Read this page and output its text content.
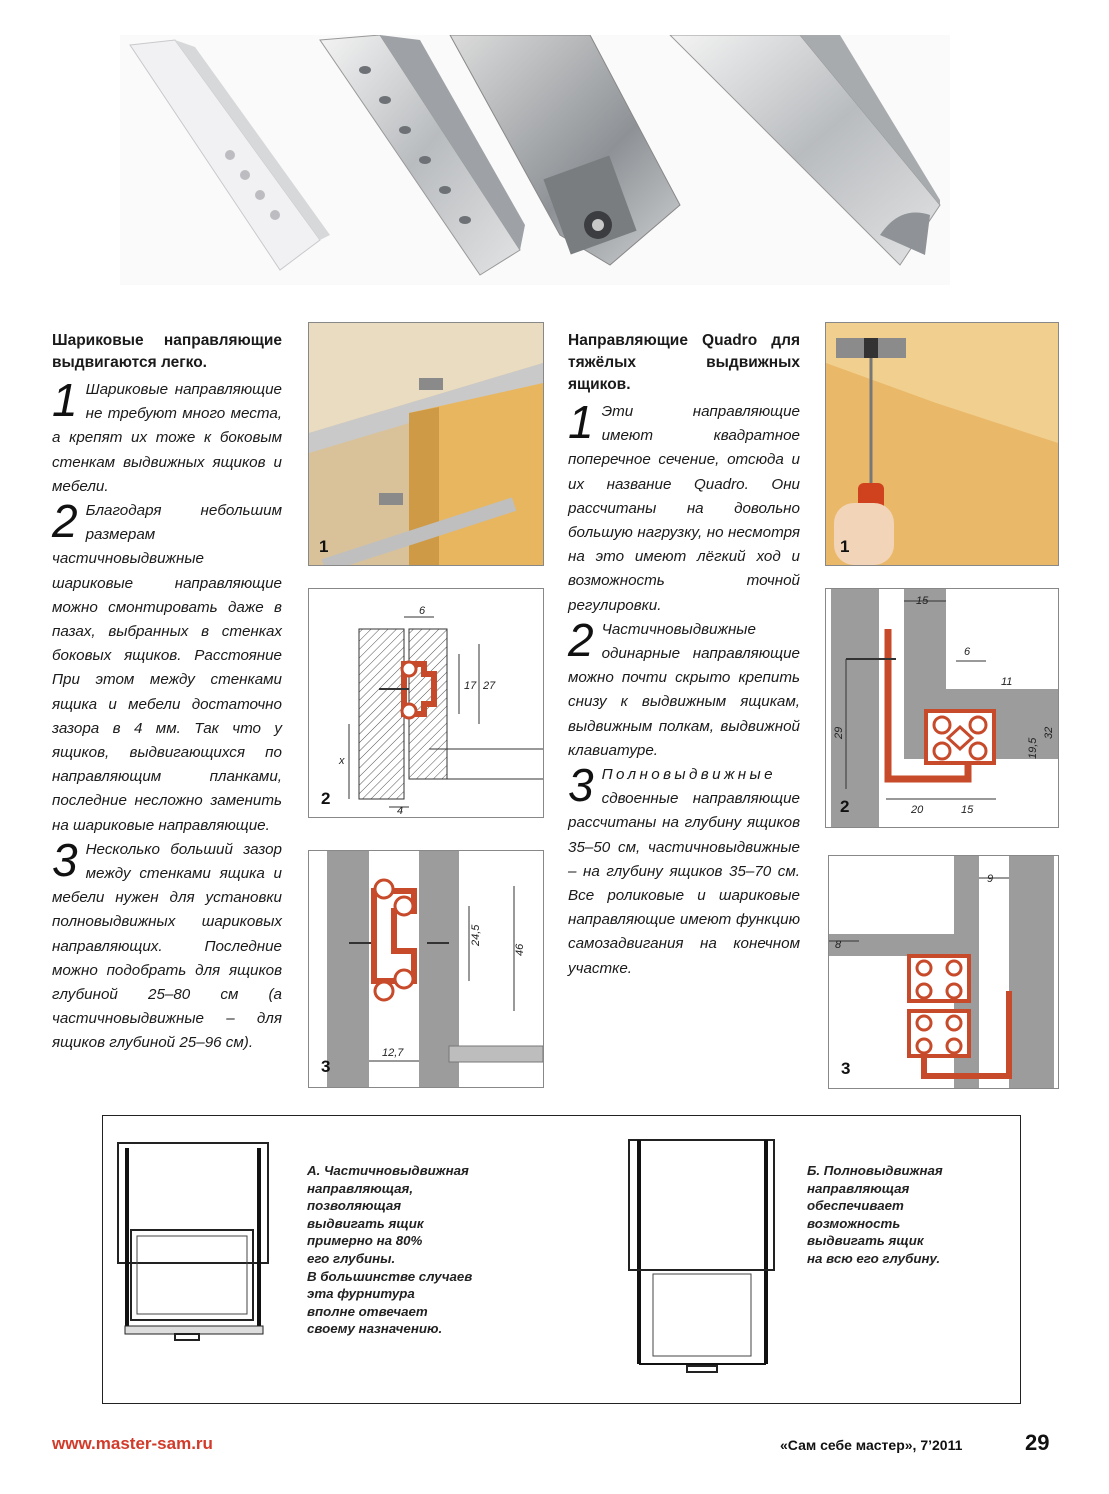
Шариковые направляющие выдвигаются легко.

1 Шариковые направляющие не требуют много места, а крепят их тоже к боковым стенкам выдвижных ящиков и мебели.

2 Благодаря небольшим размерам частичновыдвижные шариковые направляющие можно смонтировать даже в пазах, выбранных в стенках боковых ящиков. Расстояние При этом между стенками ящика и мебели достаточно зазора в 4 мм. Так что у ящиков, выдвигающихся по направляющим планками, последние несложно заменить на шариковые направляющие.

3 Несколько больший зазор между стенками ящика и мебели нужен для установки полновыдвижных шариковых направляющих. Последние можно подобрать для ящиков глубиной 25–80 см (а частичновыдвижные – для ящиков глубиной 25–96 см).

Направляющие Quadro для тяжёлых выдвижных ящиков.

1 Эти направляющие имеют квадратное поперечное сечение, отсюда и их название Quadro. Они рассчитаны на довольно большую нагрузку, но несмотря на это имеют лёгкий ход и возможность точной регулировки.

2 Частичновыдвижные одинарные направляющие можно почти скрыто крепить снизу к выдвижным ящикам, выдвижным полкам, выдвижной клавиатуре.

3 Полновыдвижные сдвоенные направляющие рассчитаны на глубину ящиков 35–50 см, частичновыдвижные – на глубину ящиков 35–70 см. Все роликовые и шариковые направляющие имеют функцию самозадвигания на конечном участке.

1
6
17 27
x
4
2
24,5
46
12,7
3
1
15
6
11
29
19,5
32
20	15
2
9
8
3
А. Частичновыдвижная
направляющая,
позволяющая
выдвигать ящик
примерно на 80%
его глубины.
В большинстве случаев
эта фурнитура
вполне отвечает
своему назначению.
Б. Полновыдвижная
направляющая
обеспечивает
возможность
выдвигать ящик
на всю его глубину.
www.master-sam.ru	«Сам себе мастер», 7’2011	29
